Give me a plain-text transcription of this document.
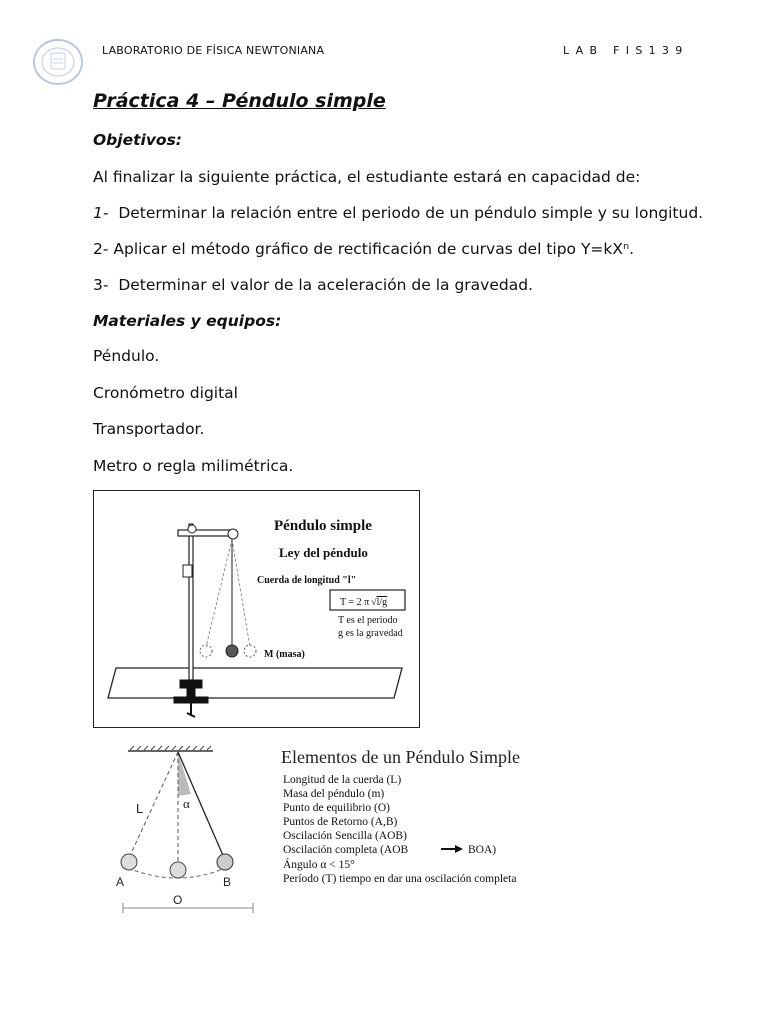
LABORATORIO DE FÍSICA NEWTONIANA	LAB FIS139
Práctica 4 – Péndulo simple
Objetivos:
Al finalizar la siguiente práctica, el estudiante estará en capacidad de:
1- Determinar la relación entre el periodo de un péndulo simple y su longitud.
2- Aplicar el método gráfico de rectificación de curvas del tipo Y=kXⁿ.
3- Determinar el valor de la aceleración de la gravedad.
Materiales y equipos:
Péndulo.
Cronómetro digital
Transportador.
Metro o regla milimétrica.
Péndulo simple
Ley del péndulo
Cuerda de longitud "l"
T = 2 π √l/g
T es el periodo
g es la gravedad
M (masa)
L	α
A
O
B
Elementos de un Péndulo Simple
Longitud de la cuerda (L)
Masa del péndulo (m)
Punto de equilibrio (O)
Puntos de Retorno (A,B)
Oscilación Sencilla (AOB)
Oscilación completa (AOB
Ángulo α < 15°
Período (T) tiempo en dar una oscilación completa
BOA)
